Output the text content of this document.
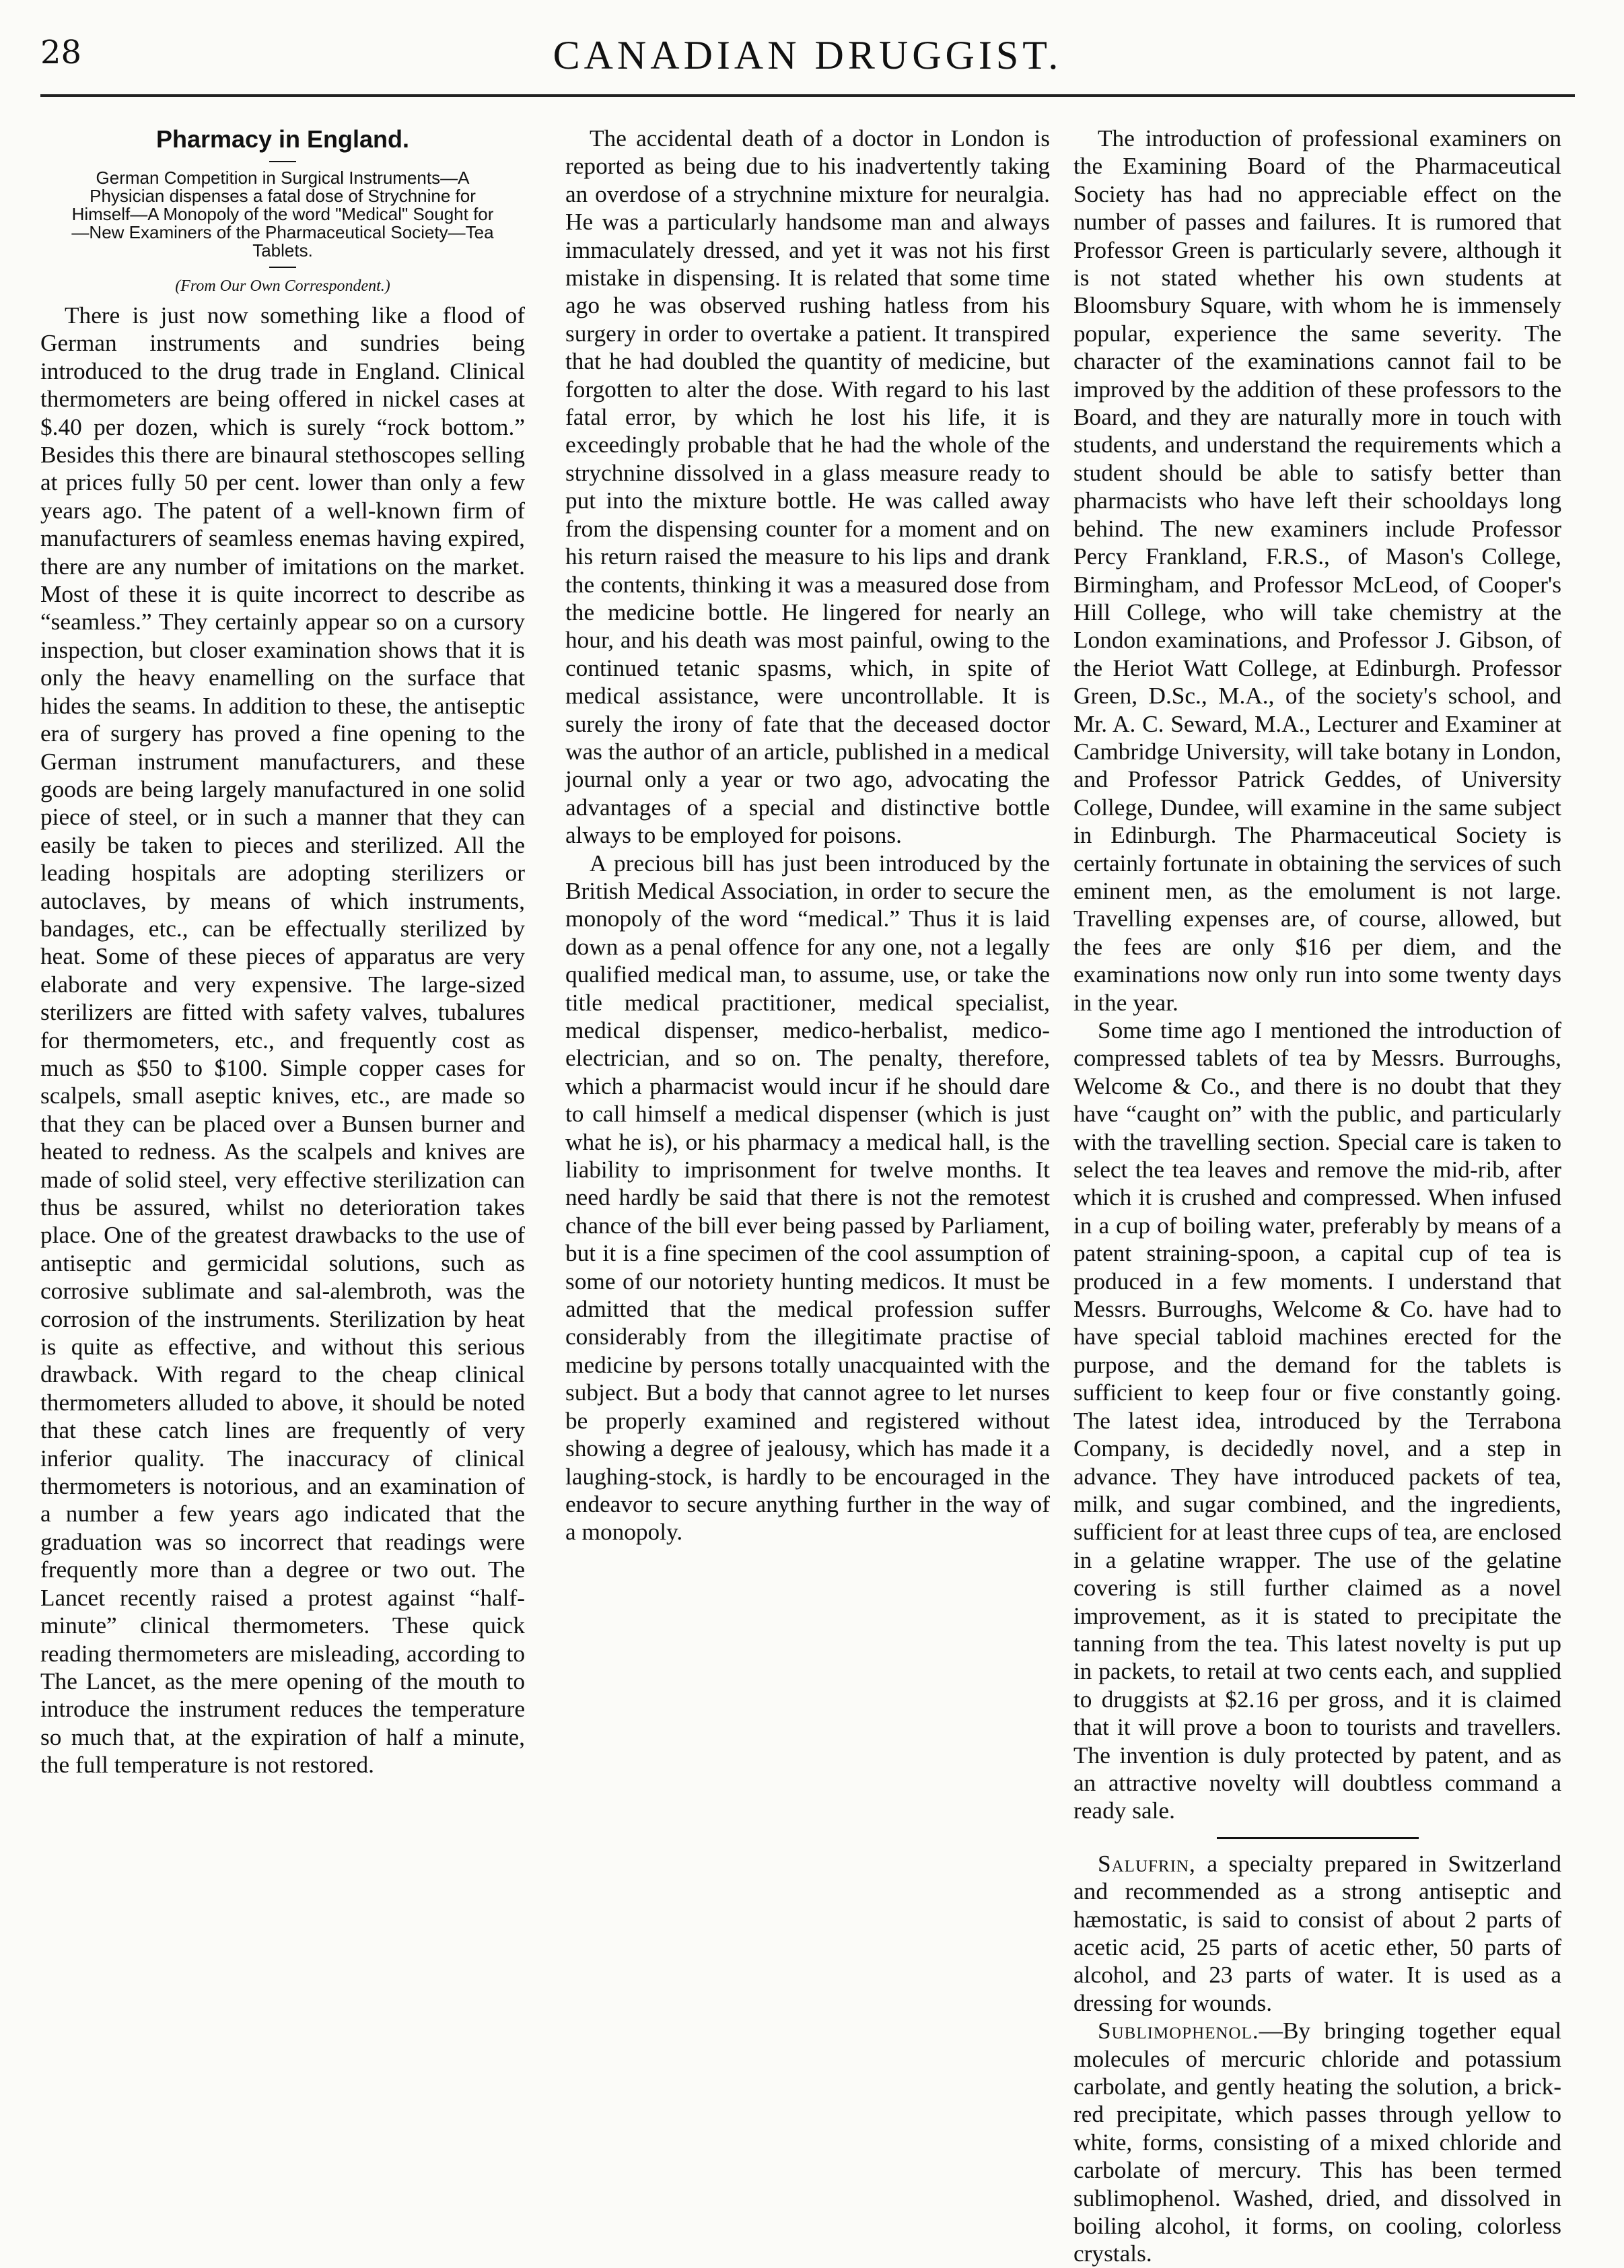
28	CANADIAN DRUGGIST.
Pharmacy in England.

German Competition in Surgical Instruments—A Physician dispenses a fatal dose of Strychnine for Himself—A Monopoly of the word "Medical" Sought for—New Examiners of the Pharmaceutical Society—Tea Tablets.

(From Our Own Correspondent.)

There is just now something like a flood of German instruments and sundries being introduced to the drug trade in England. Clinical thermometers are being offered in nickel cases at $.40 per dozen, which is surely “rock bottom.” Besides this there are binaural stethoscopes selling at prices fully 50 per cent. lower than only a few years ago. The patent of a well-known firm of manufacturers of seamless enemas having expired, there are any number of imitations on the market. Most of these it is quite incorrect to describe as “seamless.” They certainly appear so on a cursory inspection, but closer examination shows that it is only the heavy enamelling on the surface that hides the seams. In addition to these, the antiseptic era of surgery has proved a fine opening to the German instrument manufacturers, and these goods are being largely manufactured in one solid piece of steel, or in such a manner that they can easily be taken to pieces and sterilized. All the leading hospitals are adopting sterilizers or autoclaves, by means of which instruments, bandages, etc., can be effectually sterilized by heat. Some of these pieces of apparatus are very elaborate and very expensive. The large-sized sterilizers are fitted with safety valves, tubalures for thermometers, etc., and frequently cost as much as $50 to $100. Simple copper cases for scalpels, small aseptic knives, etc., are made so that they can be placed over a Bunsen burner and heated to redness. As the scalpels and knives are made of solid steel, very effective sterilization can thus be assured, whilst no deterioration takes place. One of the greatest drawbacks to the use of antiseptic and germicidal solutions, such as corrosive sublimate and sal-alembroth, was the corrosion of the instruments. Sterilization by heat is quite as effective, and without this serious drawback. With regard to the cheap clinical thermometers alluded to above, it should be noted that these catch lines are frequently of very inferior quality. The inaccuracy of clinical thermometers is notorious, and an examination of a number a few years ago indicated that the graduation was so incorrect that readings were frequently more than a degree or two out. The Lancet recently raised a protest against “half-minute” clinical thermometers. These quick reading thermometers are misleading, according to The Lancet, as the mere opening of the mouth to introduce the instrument reduces the temperature so much that, at the expiration of half a minute, the full temperature is not restored.

The accidental death of a doctor in London is reported as being due to his inadvertently taking an overdose of a strychnine mixture for neuralgia. He was a particularly handsome man and always immaculately dressed, and yet it was not his first mistake in dispensing. It is related that some time ago he was observed rushing hatless from his surgery in order to overtake a patient. It transpired that he had doubled the quantity of medicine, but forgotten to alter the dose. With regard to his last fatal error, by which he lost his life, it is exceedingly probable that he had the whole of the strychnine dissolved in a glass measure ready to put into the mixture bottle. He was called away from the dispensing counter for a moment and on his return raised the measure to his lips and drank the contents, thinking it was a measured dose from the medicine bottle. He lingered for nearly an hour, and his death was most painful, owing to the continued tetanic spasms, which, in spite of medical assistance, were uncontrollable. It is surely the irony of fate that the deceased doctor was the author of an article, published in a medical journal only a year or two ago, advocating the advantages of a special and distinctive bottle always to be employed for poisons.

A precious bill has just been introduced by the British Medical Association, in order to secure the monopoly of the word “medical.” Thus it is laid down as a penal offence for any one, not a legally qualified medical man, to assume, use, or take the title medical practitioner, medical specialist, medical dispenser, medico-herbalist, medico-electrician, and so on. The penalty, therefore, which a pharmacist would incur if he should dare to call himself a medical dispenser (which is just what he is), or his pharmacy a medical hall, is the liability to imprisonment for twelve months. It need hardly be said that there is not the remotest chance of the bill ever being passed by Parliament, but it is a fine specimen of the cool assumption of some of our notoriety hunting medicos. It must be admitted that the medical profession suffer considerably from the illegitimate practise of medicine by persons totally unacquainted with the subject. But a body that cannot agree to let nurses be properly examined and registered without showing a degree of jealousy, which has made it a laughing-stock, is hardly to be encouraged in the endeavor to secure anything further in the way of a monopoly.

The introduction of professional examiners on the Examining Board of the Pharmaceutical Society has had no appreciable effect on the number of passes and failures. It is rumored that Professor Green is particularly severe, although it is not stated whether his own students at Bloomsbury Square, with whom he is immensely popular, experience the same severity. The character of the examinations cannot fail to be improved by the addition of these professors to the Board, and they are naturally more in touch with students, and understand the requirements which a student should be able to satisfy better than pharmacists who have left their schooldays long behind. The new examiners include Professor Percy Frankland, F.R.S., of Mason's College, Birmingham, and Professor McLeod, of Cooper's Hill College, who will take chemistry at the London examinations, and Professor J. Gibson, of the Heriot Watt College, at Edinburgh. Professor Green, D.Sc., M.A., of the society's school, and Mr. A. C. Seward, M.A., Lecturer and Examiner at Cambridge University, will take botany in London, and Professor Patrick Geddes, of University College, Dundee, will examine in the same subject in Edinburgh. The Pharmaceutical Society is certainly fortunate in obtaining the services of such eminent men, as the emolument is not large. Travelling expenses are, of course, allowed, but the fees are only $16 per diem, and the examinations now only run into some twenty days in the year.

Some time ago I mentioned the introduction of compressed tablets of tea by Messrs. Burroughs, Welcome & Co., and there is no doubt that they have “caught on” with the public, and particularly with the travelling section. Special care is taken to select the tea leaves and remove the mid-rib, after which it is crushed and compressed. When infused in a cup of boiling water, preferably by means of a patent straining-spoon, a capital cup of tea is produced in a few moments. I understand that Messrs. Burroughs, Welcome & Co. have had to have special tabloid machines erected for the purpose, and the demand for the tablets is sufficient to keep four or five constantly going. The latest idea, introduced by the Terrabona Company, is decidedly novel, and a step in advance. They have introduced packets of tea, milk, and sugar combined, and the ingredients, sufficient for at least three cups of tea, are enclosed in a gelatine wrapper. The use of the gelatine covering is still further claimed as a novel improvement, as it is stated to precipitate the tanning from the tea. This latest novelty is put up in packets, to retail at two cents each, and supplied to druggists at $2.16 per gross, and it is claimed that it will prove a boon to tourists and travellers. The invention is duly protected by patent, and as an attractive novelty will doubtless command a ready sale.

Salufrin, a specialty prepared in Switzerland and recommended as a strong antiseptic and hæmostatic, is said to consist of about 2 parts of acetic acid, 25 parts of acetic ether, 50 parts of alcohol, and 23 parts of water. It is used as a dressing for wounds.

Sublimophenol.—By bringing together equal molecules of mercuric chloride and potassium carbolate, and gently heating the solution, a brick-red precipitate, which passes through yellow to white, forms, consisting of a mixed chloride and carbolate of mercury. This has been termed sublimophenol. Washed, dried, and dissolved in boiling alcohol, it forms, on cooling, colorless crystals.
